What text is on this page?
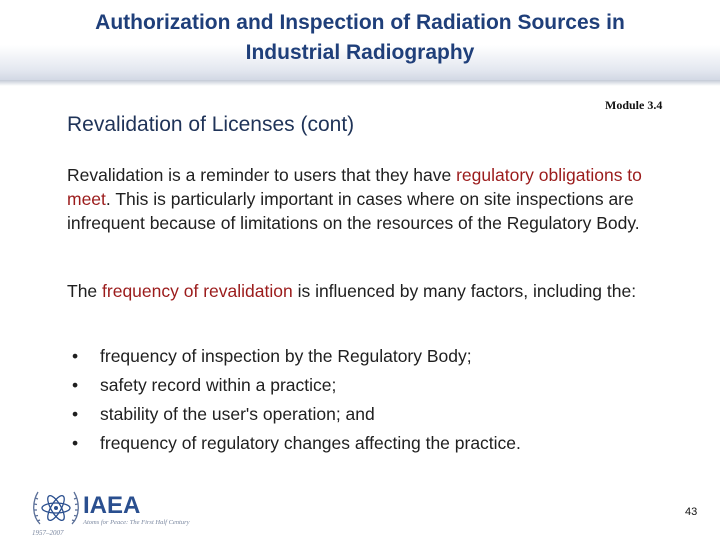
Authorization and Inspection of Radiation Sources in
Industrial Radiography
Module 3.4
Revalidation of Licenses (cont)
Revalidation is a reminder to users that they have regulatory obligations to meet. This is particularly important in cases where on site inspections are infrequent because of limitations on the resources of the Regulatory Body.
The frequency of revalidation is influenced by many factors, including the:
• frequency of inspection by the Regulatory Body;
• safety record within a practice;
• stability of the user's operation; and
• frequency of regulatory changes affecting the practice.
IAEA
Atoms for Peace: The First Half Century
1957–2007
43
